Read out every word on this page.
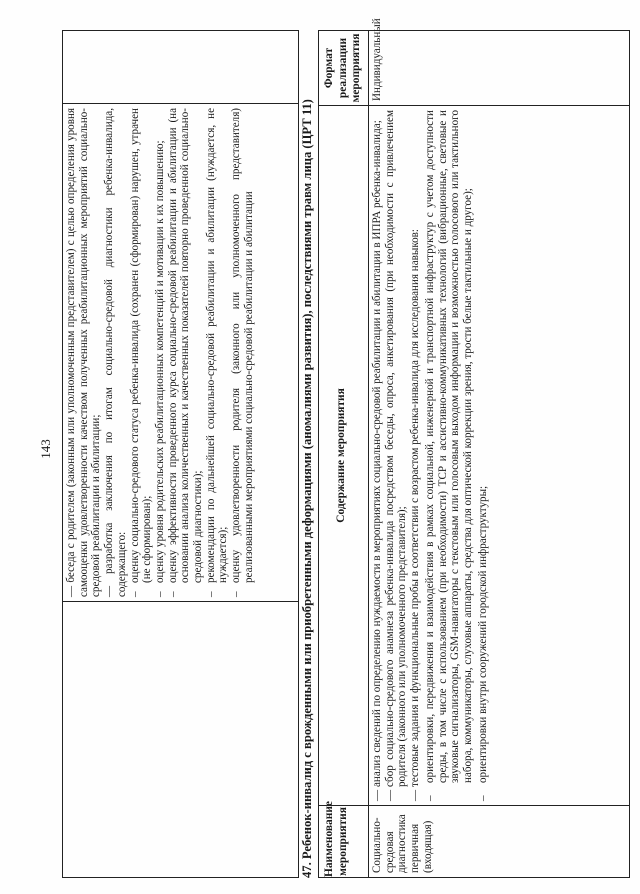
143 — беседа с родителем (законным или уполномоченным представителем) с целью определения уровня самооценки удовлетворенности качеством полученных реабилитационных мероприятий социально-средовой реабилитации и абилитации; — разработка заключения по итогам социально-средовой диагностики ребенка-инвалида, содержащего: –
оценку социально-средового статуса ребенка-инвалида (сохранен (сформирован) нарушен, утрачен (не сформирован);
–
оценку уровня родительских реабилитационных компетенций и мотивации к их повышению;
–
оценку эффективности проведенного курса социально-средовой реабилитации и абилитации (на основании анализа количественных и качественных показателей повторно проведенной социально-средовой диагностики);
–
рекомендации по дальнейшей социально-средовой реабилитации и абилитации (нуждается, не нуждается);
–
оценку удовлетворенности родителя (законного или уполномоченного представителя) реализованными мероприятиями социально-средовой реабилитации и абилитации	47. Ребенок-инвалид с врожденными или приобретенными деформациями (аномалиями развития), последствиями травм лица (ЦРТ 11) Наименование мероприятия
Содержание мероприятия
Формат реализации мероприятия
Социально-средовая диагностика первичная (входящая)
—
анализ сведений по определению нуждаемости в мероприятиях социально-средовой реабилитации и абилитации в ИПРА ребенка-инвалида;
—
сбор социально-средового анамнеза ребенка-инвалида посредством беседы, опроса, анкетирования (при необходимости с привлечением родителя (законного или уполномоченного представителя);
—
тестовые задания и функциональные пробы в соответствии с возрастом ребенка-инвалида для исследования навыков:
–
ориентировки, передвижения и взаимодействия в рамках социальной, инженерной и транспортной инфраструктур с учетом доступности среды, в том числе с использованием (при необходимости) ТСР и ассистивно-коммуникативных технологий (вибрационные, световые и звуковые сигнализаторы, GSM-навигаторы с текстовым или голосовым выходом информации и возможностью голосового или тактильного набора, коммуникаторы, слуховые аппараты, средства для оптической коррекции зрения, трости белые тактильные и другое);
–
ориентировки внутри сооружений городской инфраструктуры;
Индивидуальный
